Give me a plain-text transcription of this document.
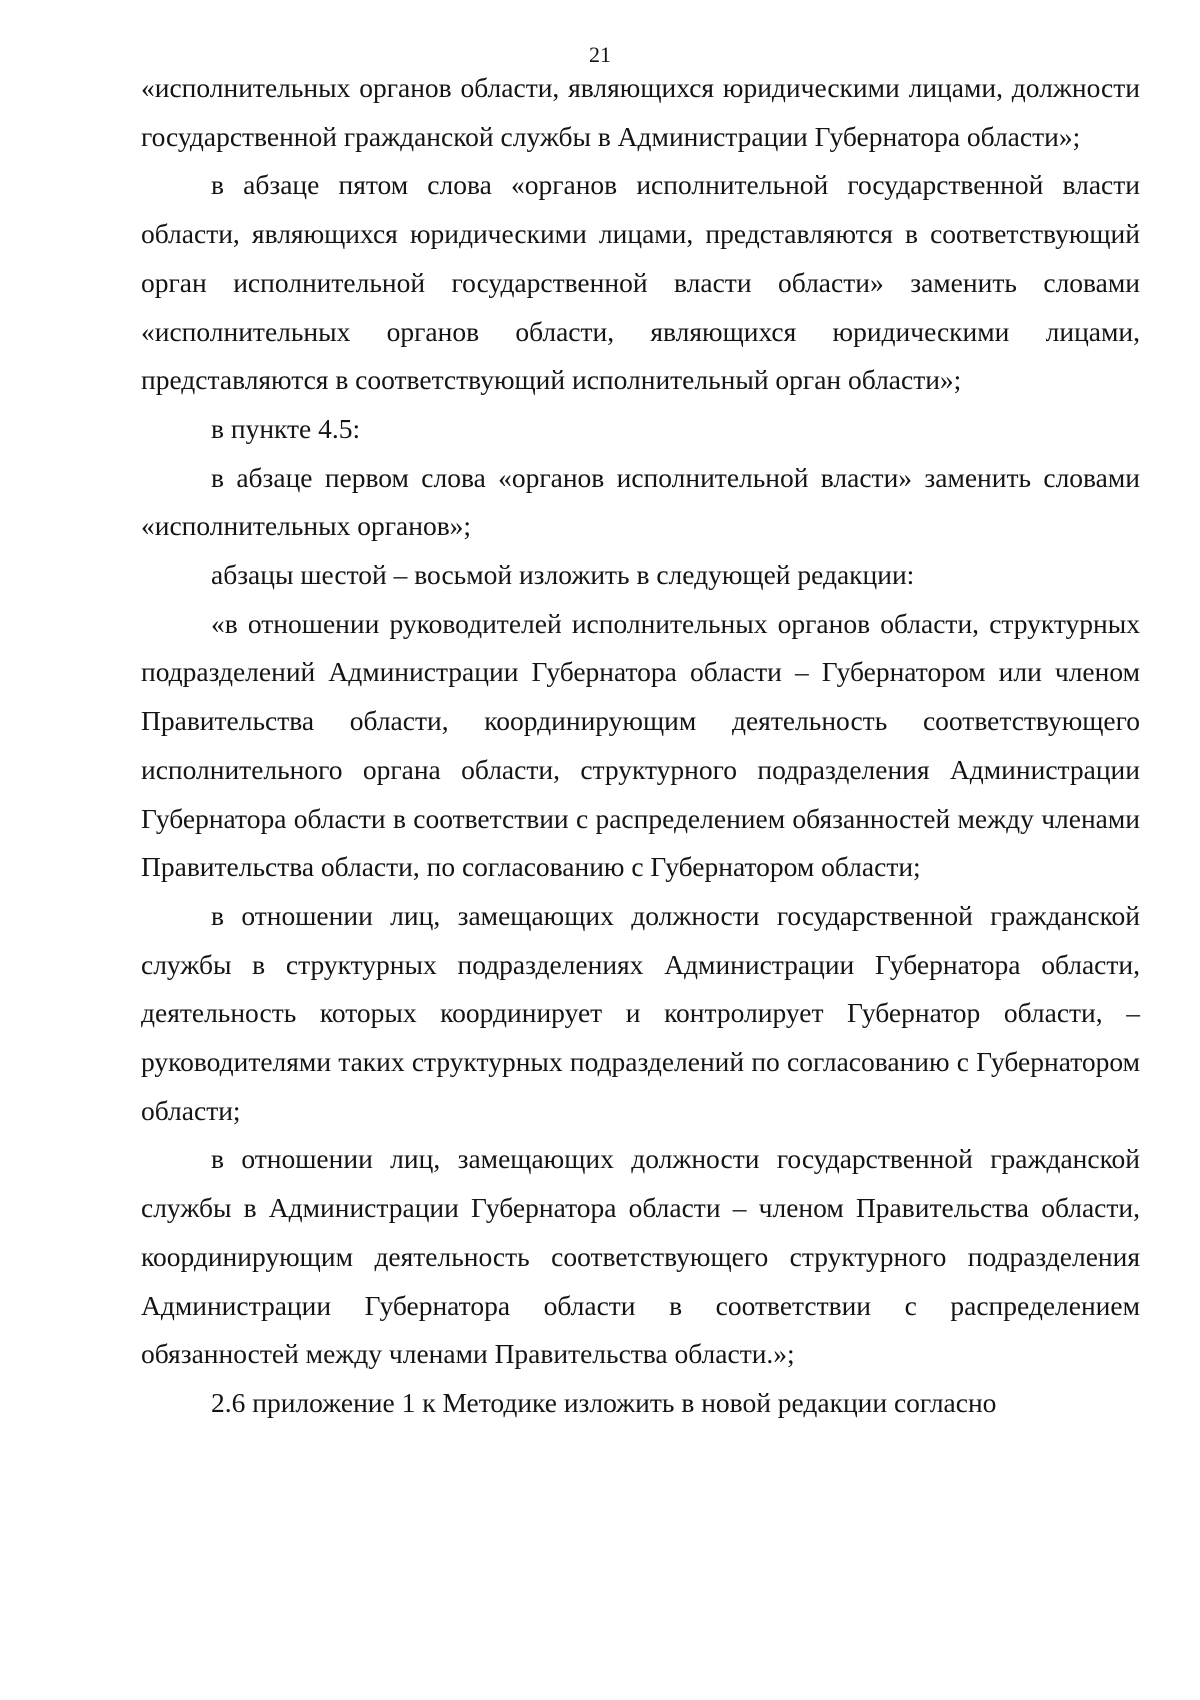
21

«исполнительных органов области, являющихся юридическими лицами, должности государственной гражданской службы в Администрации Губернатора области»;

в абзаце пятом слова «органов исполнительной государственной власти области, являющихся юридическими лицами, представляются в соответствующий орган исполнительной государственной власти области» заменить словами «исполнительных органов области, являющихся юридическими лицами, представляются в соответствующий исполнительный орган области»;

в пункте 4.5:

в абзаце первом слова «органов исполнительной власти» заменить словами «исполнительных органов»;

абзацы шестой – восьмой изложить в следующей редакции:

«в отношении руководителей исполнительных органов области, структурных подразделений Администрации Губернатора области – Губернатором или членом Правительства области, координирующим деятельность соответствующего исполнительного органа области, структурного подразделения Администрации Губернатора области в соответствии с распределением обязанностей между членами Правительства области, по согласованию с Губернатором области;

в отношении лиц, замещающих должности государственной гражданской службы в структурных подразделениях Администрации Губернатора области, деятельность которых координирует и контролирует Губернатор области, – руководителями таких структурных подразделений по согласованию с Губернатором области;

в отношении лиц, замещающих должности государственной гражданской службы в Администрации Губернатора области – членом Правительства области, координирующим деятельность соответствующего структурного подразделения Администрации Губернатора области в соответствии с распределением обязанностей между членами Правительства области.»;

2.6 приложение 1 к Методике изложить в новой редакции согласно
